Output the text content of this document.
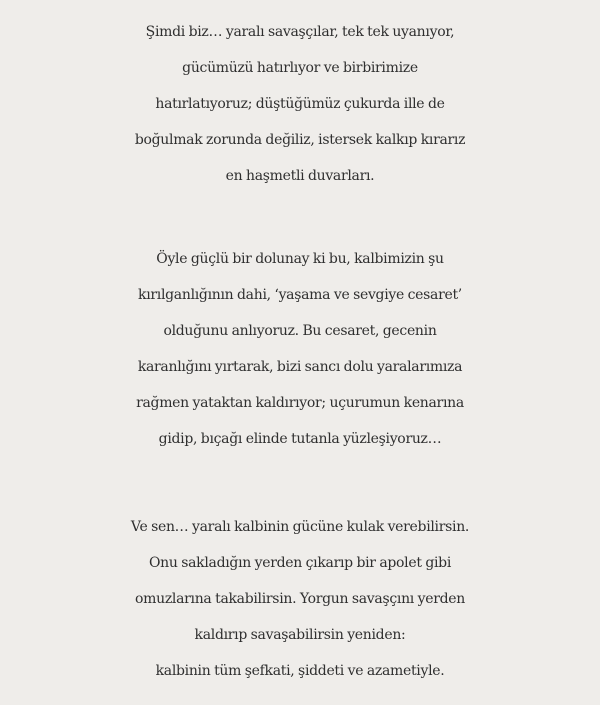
Şimdi biz… yaralı savaşçılar, tek tek uyanıyor,
gücümüzü hatırlıyor ve birbirimize
hatırlatıyoruz; düştüğümüz çukurda ille de
boğulmak zorunda değiliz, istersek kalkıp kırarız
en haşmetli duvarları.
Öyle güçlü bir dolunay ki bu, kalbimizin şu
kırılganlığının dahi, ‘yaşama ve sevgiye cesaret’
olduğunu anlıyoruz. Bu cesaret, gecenin
karanlığını yırtarak, bizi sancı dolu yaralarımıza
rağmen yataktan kaldırıyor; uçurumun kenarına
gidip, bıçağı elinde tutanla yüzleşiyoruz…
Ve sen… yaralı kalbinin gücüne kulak verebilirsin.
Onu sakladığın yerden çıkarıp bir apolet gibi
omuzlarına takabilirsin. Yorgun savaşçını yerden
kaldırıp savaşabilirsin yeniden:
kalbinin tüm şefkati, şiddeti ve azametiyle.
